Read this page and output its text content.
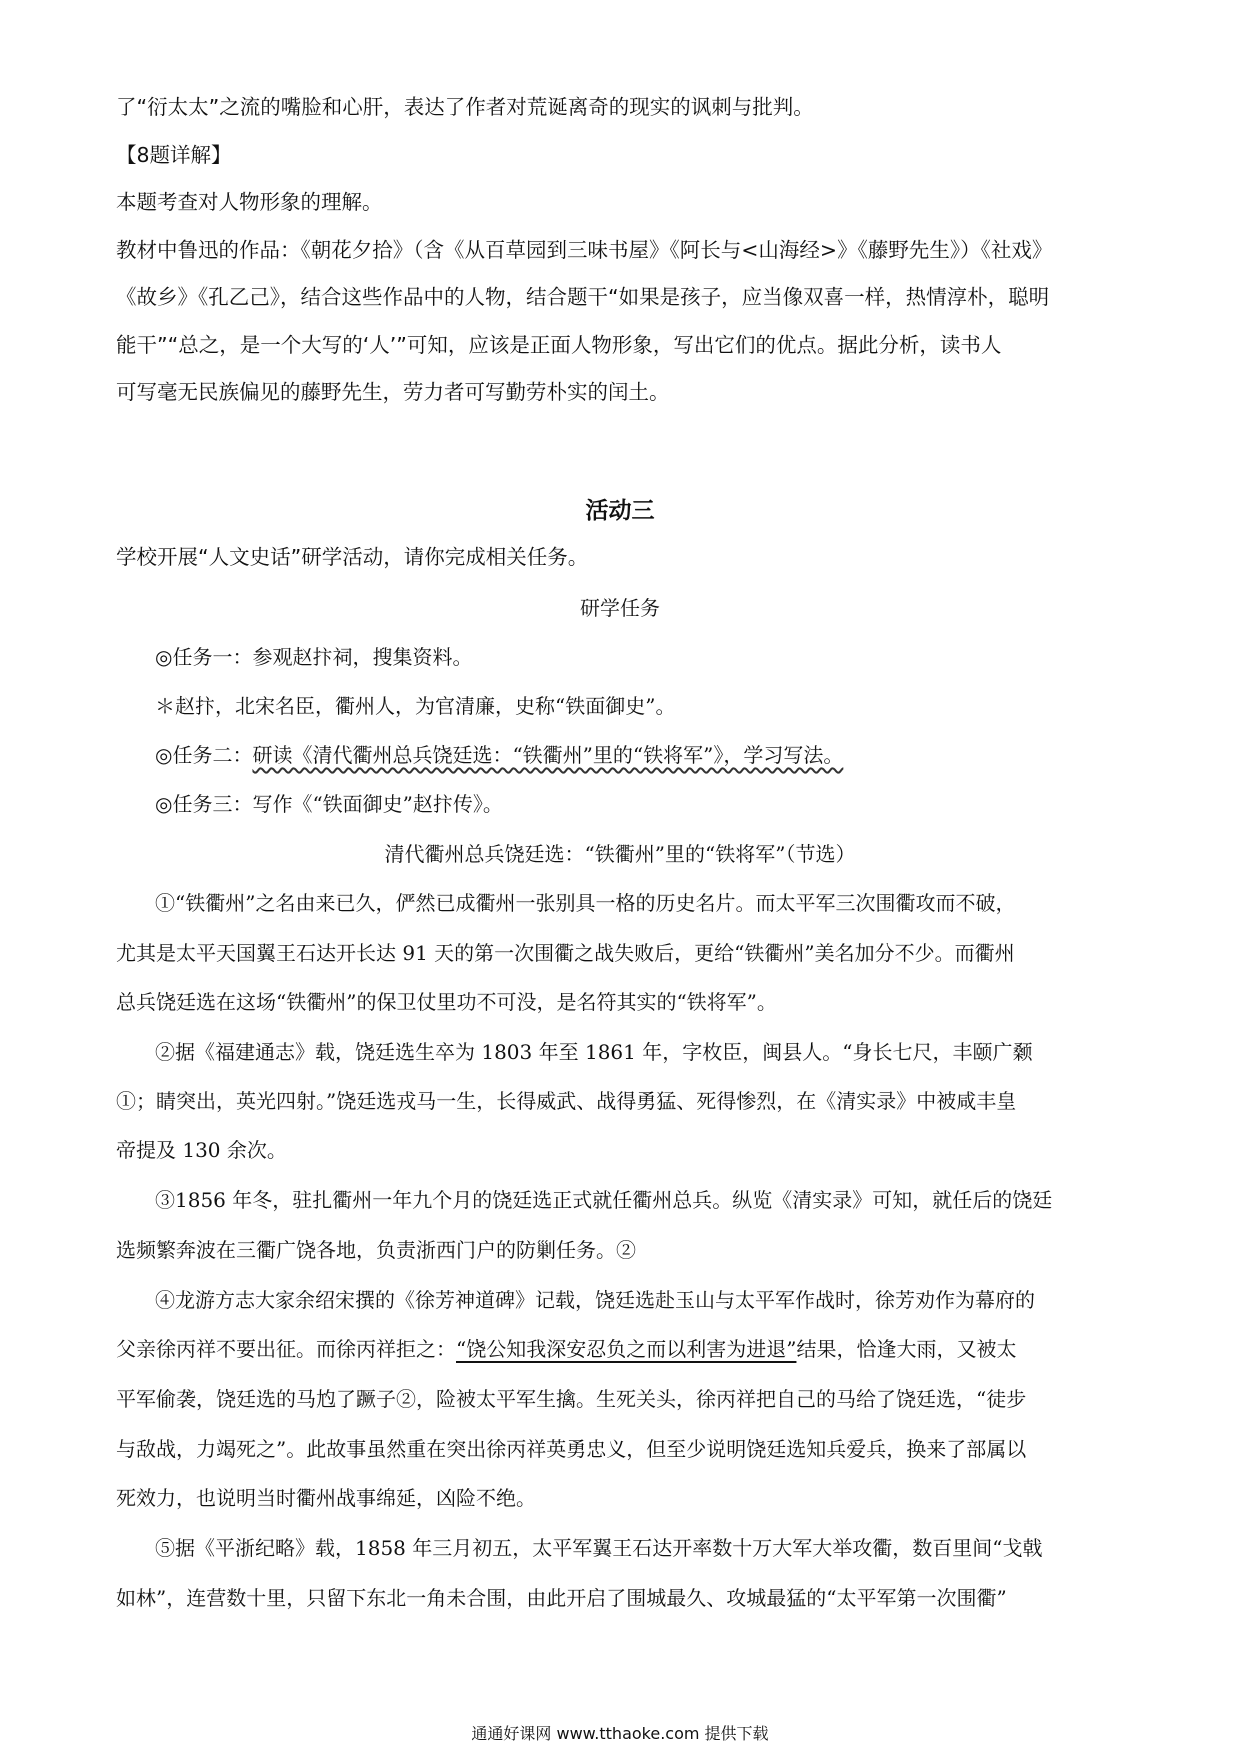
了“衍太太”之流的嘴脸和心肝，表达了作者对荒诞离奇的现实的讽刺与批判。
【8题详解】
本题考查对人物形象的理解。
教材中鲁迅的作品：《朝花夕拾》（含《从百草园到三味书屋》《阿长与<山海经>》《藤野先生》）《社戏》
《故乡》《孔乙己》，结合这些作品中的人物，结合题干“如果是孩子，应当像双喜一样，热情淳朴，聪明
能干”“总之，是一个大写的‘人’”可知，应该是正面人物形象，写出它们的优点。据此分析，读书人
可写毫无民族偏见的藤野先生，劳力者可写勤劳朴实的闰土。
活动三
学校开展“人文史话”研学活动，请你完成相关任务。
研学任务
◎任务一：参观赵抃祠，搜集资料。
＊赵抃，北宋名臣，衢州人，为官清廉，史称“铁面御史”。
◎任务二：研读《清代衢州总兵饶廷选：“铁衢州”里的“铁将军”》，学习写法。
◎任务三：写作《“铁面御史”赵抃传》。
清代衢州总兵饶廷选：“铁衢州”里的“铁将军”（节选）
①“铁衢州”之名由来已久，俨然已成衢州一张别具一格的历史名片。而太平军三次围衢攻而不破，
尤其是太平天国翼王石达开长达 91 天的第一次围衢之战失败后，更给“铁衢州”美名加分不少。而衢州
总兵饶廷选在这场“铁衢州”的保卫仗里功不可没，是名符其实的“铁将军”。
②据《福建通志》载，饶廷选生卒为 1803 年至 1861 年，字枚臣，闽县人。“身长七尺，丰颐广颡
①；睛突出，英光四射。”饶廷选戎马一生，长得威武、战得勇猛、死得惨烈，在《清实录》中被咸丰皇
帝提及 130 余次。
③1856 年冬，驻扎衢州一年九个月的饶廷选正式就任衢州总兵。纵览《清实录》可知，就任后的饶廷
选频繁奔波在三衢广饶各地，负责浙西门户的防剿任务。②
④龙游方志大家余绍宋撰的《徐芳神道碑》记载，饶廷选赴玉山与太平军作战时，徐芳劝作为幕府的
父亲徐丙祥不要出征。而徐丙祥拒之：“饶公知我深安忍负之而以利害为进退”结果，恰逢大雨，又被太
平军偷袭，饶廷选的马尥了蹶子②，险被太平军生擒。生死关头，徐丙祥把自己的马给了饶廷选，“徒步
与敌战，力竭死之”。此故事虽然重在突出徐丙祥英勇忠义，但至少说明饶廷选知兵爱兵，换来了部属以
死效力，也说明当时衢州战事绵延，凶险不绝。
⑤据《平浙纪略》载，1858 年三月初五，太平军翼王石达开率数十万大军大举攻衢，数百里间“戈戟
如林”，连营数十里，只留下东北一角未合围，由此开启了围城最久、攻城最猛的“太平军第一次围衢”
通通好课网 www.tthaoke.com 提供下载
